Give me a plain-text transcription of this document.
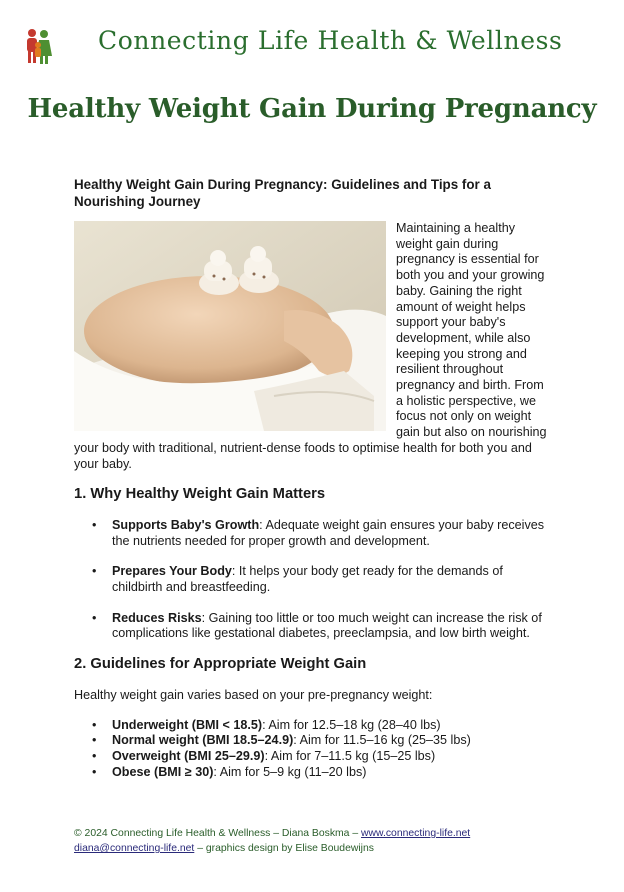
Connecting Life Health & Wellness
Healthy Weight Gain During Pregnancy
Healthy Weight Gain During Pregnancy: Guidelines and Tips for a Nourishing Journey

Maintaining a healthy weight gain during pregnancy is essential for both you and your growing baby. Gaining the right amount of weight helps support your baby's development, while also keeping you strong and resilient throughout pregnancy and birth. From a holistic perspective, we focus not only on weight gain but also on nourishing your body with traditional, nutrient-dense foods to optimise health for both you and your baby.

1. Why Healthy Weight Gain Matters
• Supports Baby's Growth: Adequate weight gain ensures your baby receives the nutrients needed for proper growth and development.
• Prepares Your Body: It helps your body get ready for the demands of childbirth and breastfeeding.
• Reduces Risks: Gaining too little or too much weight can increase the risk of complications like gestational diabetes, preeclampsia, and low birth weight.
2. Guidelines for Appropriate Weight Gain

Healthy weight gain varies based on your pre-pregnancy weight:

• Underweight (BMI < 18.5): Aim for 12.5–18 kg (28–40 lbs)
• Normal weight (BMI 18.5–24.9): Aim for 11.5–16 kg (25–35 lbs)
• Overweight (BMI 25–29.9): Aim for 7–11.5 kg (15–25 lbs)
• Obese (BMI ≥ 30): Aim for 5–9 kg (11–20 lbs)
© 2024 Connecting Life Health & Wellness – Diana Boskma – www.connecting-life.net
diana@connecting-life.net – graphics design by Elise Boudewijns
